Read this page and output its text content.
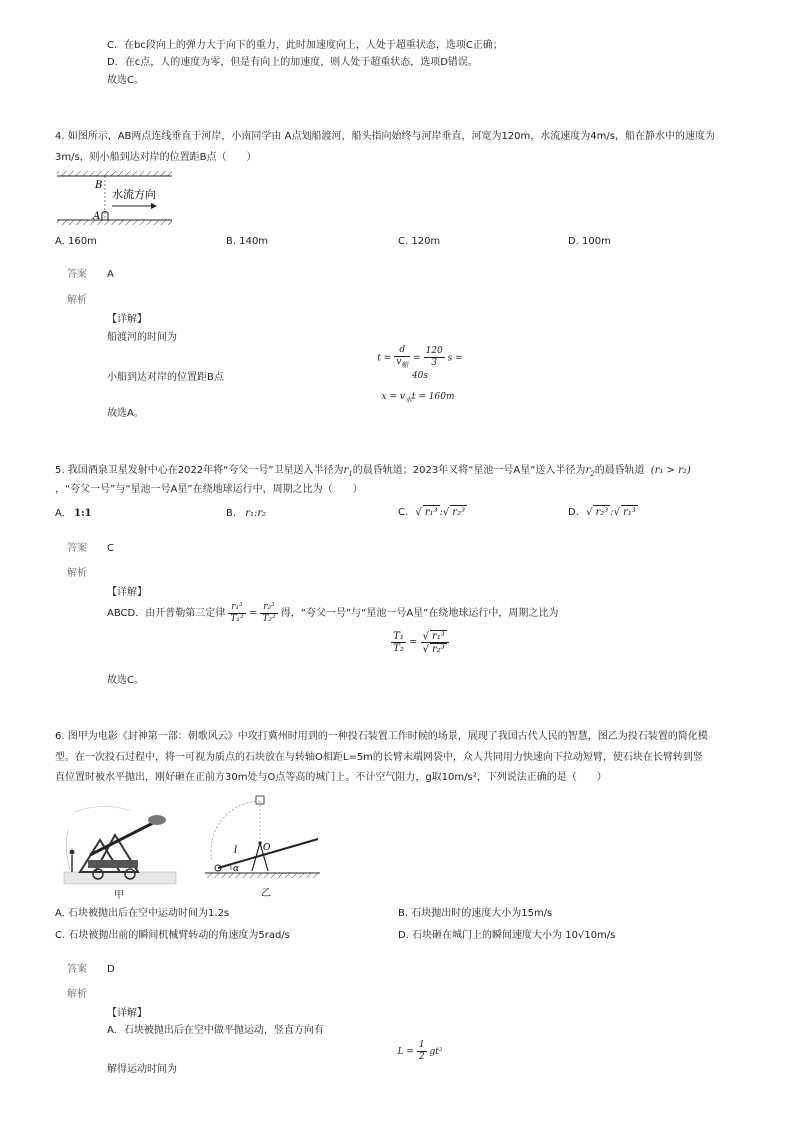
C．在bc段向上的弹力大于向下的重力，此时加速度向上，人处于超重状态，选项C正确；
D．在c点，人的速度为零，但是有向上的加速度，则人处于超重状态，选项D错误。
故选C。
4. 如图所示，AB两点连线垂直于河岸，小南同学由 A点划船渡河，船头指向始终与河岸垂直，河宽为120m，水流速度为4m/s，船在静水中的速度为
3m/s，则小船到达对岸的位置距B点（　　）
B
A
水流方向
A. 160m	B. 140m	C. 120m	D. 100m
答案 A
解析
【详解】
船渡河的时间为
$t = \frac{d}{v_船} = \frac{120}{3}$ s = 40s
小船到达对岸的位置距B点
$x = v_水t = 160m$
故选A。
5. 我国酒泉卫星发射中心在2022年将“夸父一号”卫星送入半径为$r_1$的晨昏轨道；2023年又将“星池一号A星”送入半径为$r_2$的晨昏轨道 (r₁ > r₂)
，“夸父一号”与“星池一号A星”在绕地球运行中，周期之比为（　　）
A. 1:1	B. r₁:r₂	C. √ r₁³ :√ r₂³	D. √ r₂³ :√ r₁³
答案 C
解析
【详解】
ABCD．由开普勒第三定律 $\frac{\text{r₁³}}{\text{T₁²}} = \frac{\text{r₂³}}{\text{T₂²}}$ 得，“夸父一号”与“星池一号A星”在绕地球运行中，周期之比为
$\frac{\text{T₁}}{\text{T₂}} = \frac{\text{√ r₁³}}{\text{√ r₂³}}$
故选C。
6. 图甲为电影《封神第一部：朝歌风云》中攻打冀州时用到的一种投石装置工作时候的场景，展现了我国古代人民的智慧，图乙为投石装置的简化模
型。在一次投石过程中，将一可视为质点的石块放在与转轴O相距L=5m的长臂末端网袋中，众人共同用力快速向下拉动短臂，使石块在长臂转到竖
直位置时被水平抛出，刚好砸在正前方30m处与O点等高的城门上。不计空气阻力，g取10m/s²，下列说法正确的是（　　）
甲
l	O
α
乙
A. 石块被抛出后在空中运动时间为1.2s	B. 石块抛出时的速度大小为15m/s
C. 石块被抛出前的瞬间机械臂转动的角速度为5rad/s	D. 石块砸在城门上的瞬间速度大小为 10√10m/s
答案 D
解析
【详解】
A．石块被抛出后在空中做平抛运动，竖直方向有
$L = \frac{1}{2} gt^2$
解得运动时间为
